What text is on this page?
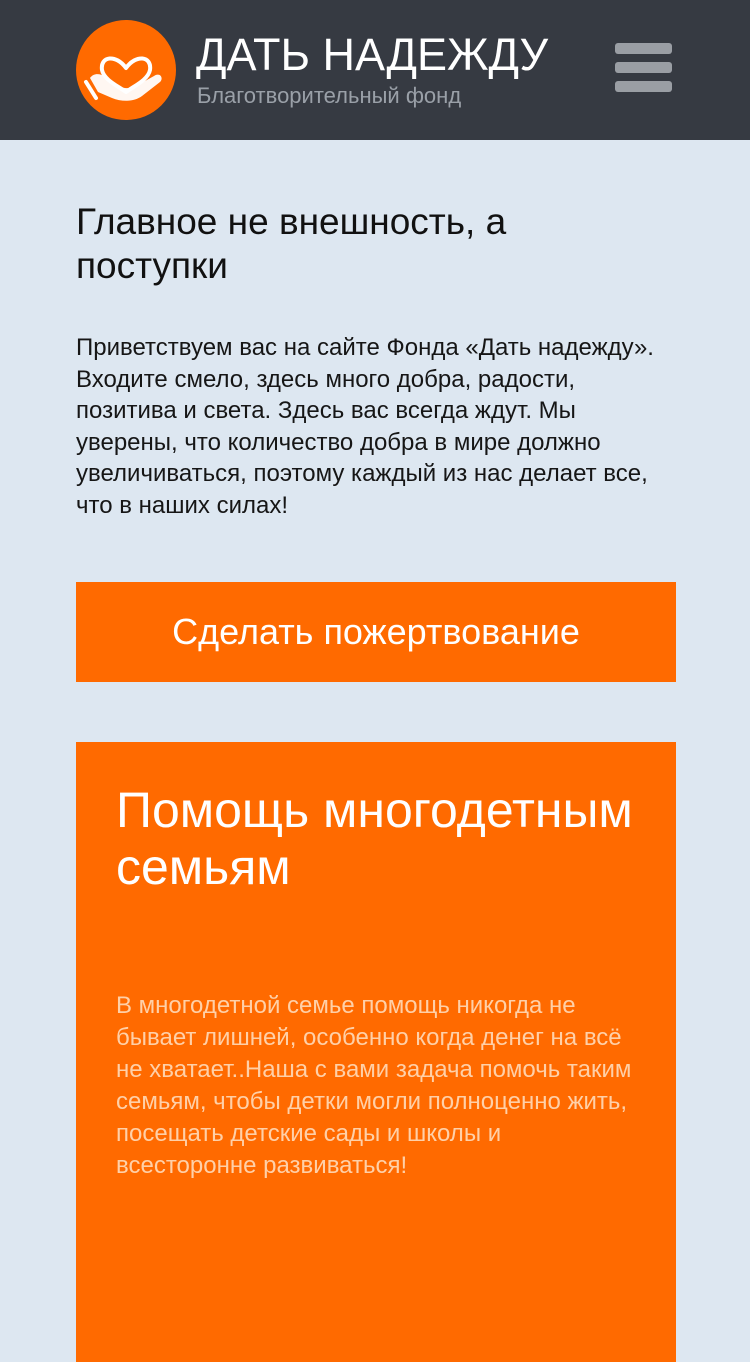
ДАТЬ НАДЕЖДУ
Благотворительный фонд
Главное не внешность, а поступки

Приветствуем вас на сайте Фонда «Дать надежду». Входите смело, здесь много добра, радости, позитива и света. Здесь вас всегда ждут. Мы уверены, что количество добра в мире должно увеличиваться, поэтому каждый из нас делает все, что в наших силах!

Сделать пожертвование
Помощь многодетным семьям

В многодетной семье помощь никогда не бывает лишней, особенно когда денег на всё не хватает..Наша с вами задача помочь таким семьям, чтобы детки могли полноценно жить, посещать детские сады и школы и всесторонне развиваться!
